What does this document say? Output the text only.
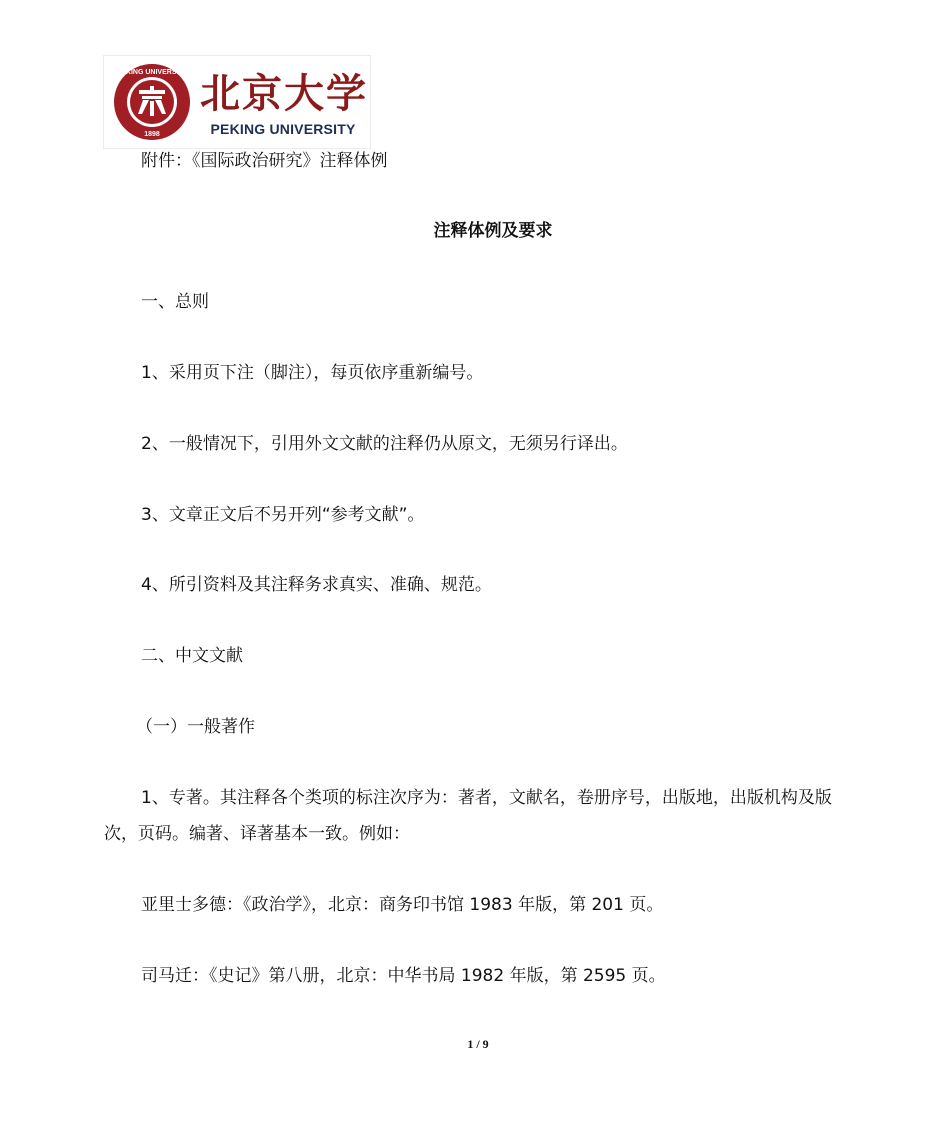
PEKING UNIVERSITY
1898
北京大学
PEKING UNIVERSITY
附件：《国际政治研究》注释体例
注释体例及要求
一、总则
1、采用页下注（脚注），每页依序重新编号。
2、一般情况下，引用外文文献的注释仍从原文，无须另行译出。
3、文章正文后不另开列“参考文献”。
4、所引资料及其注释务求真实、准确、规范。
二、中文文献
（一）一般著作
1、专著。其注释各个类项的标注次序为：著者，文献名，卷册序号，出版地，出版机构及版次，页码。编著、译著基本一致。例如：
亚里士多德：《政治学》，北京：商务印书馆 1983 年版，第 201 页。
司马迁：《史记》第八册，北京：中华书局 1982 年版，第 2595 页。
1 / 9
